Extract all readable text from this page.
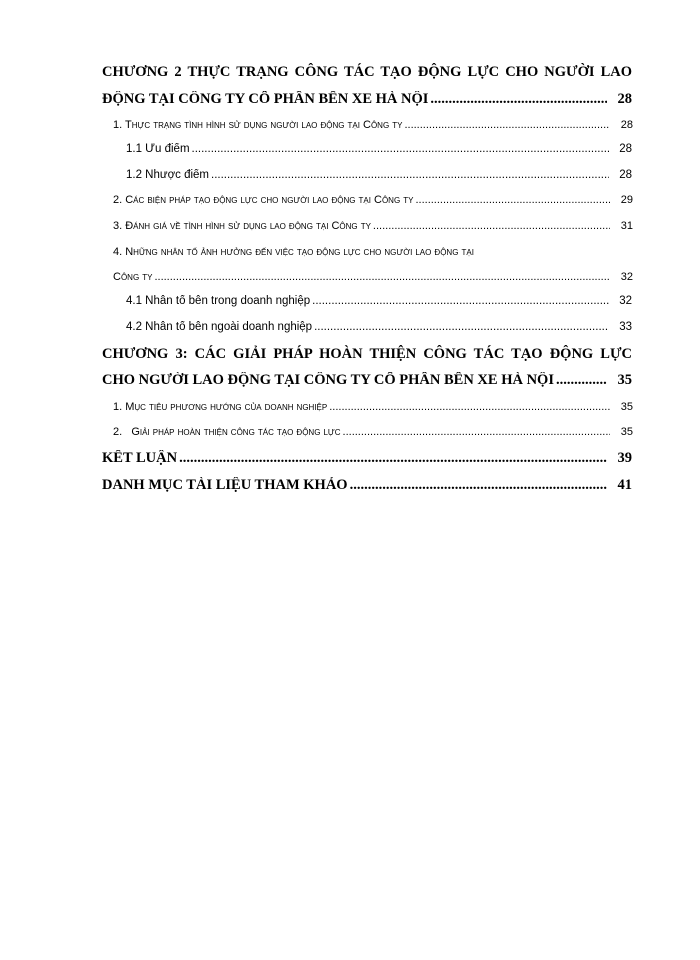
CHƯƠNG 2 THỰC TRẠNG CÔNG TÁC TẠO ĐỘNG LỰC CHO NGƯỜI LAO
ĐỘNG TẠI CÔNG TY CỔ PHẦN BẾN XE HÀ NỘI .....	28
1. Thực trạng tình hình sử dụng người lao động tại Công ty .....	28
1.1 Ưu điểm .....	28
1.2 Nhược điểm .....	28
2. Các biện pháp tạo động lực cho người lao động tại Công ty .....	29
3. Đánh giá về tình hình sử dụng lao động tại Công ty .....	31
4. Những nhân tố ảnh hưởng đến việc tạo động lực cho người lao động tại
Công ty .....	32
4.1 Nhân tố bên trong doanh nghiệp .....	32
4.2 Nhân tố bên ngoài doanh nghiệp .....	33
CHƯƠNG 3: CÁC GIẢI PHÁP HOÀN THIỆN CÔNG TÁC TẠO ĐỘNG LỰC
CHO NGƯỜI LAO ĐỘNG TẠI CÔNG TY CỔ PHẦN BẾN XE HÀ NỘI .....	35
1. Mục tiêu phương hướng của doanh nghiệp .....	35
2.   Giải pháp hoàn thiện công tác tạo động lực .....	35
KẾT LUẬN .....	39
DANH MỤC TÀI LIỆU THAM KHẢO .....	41
